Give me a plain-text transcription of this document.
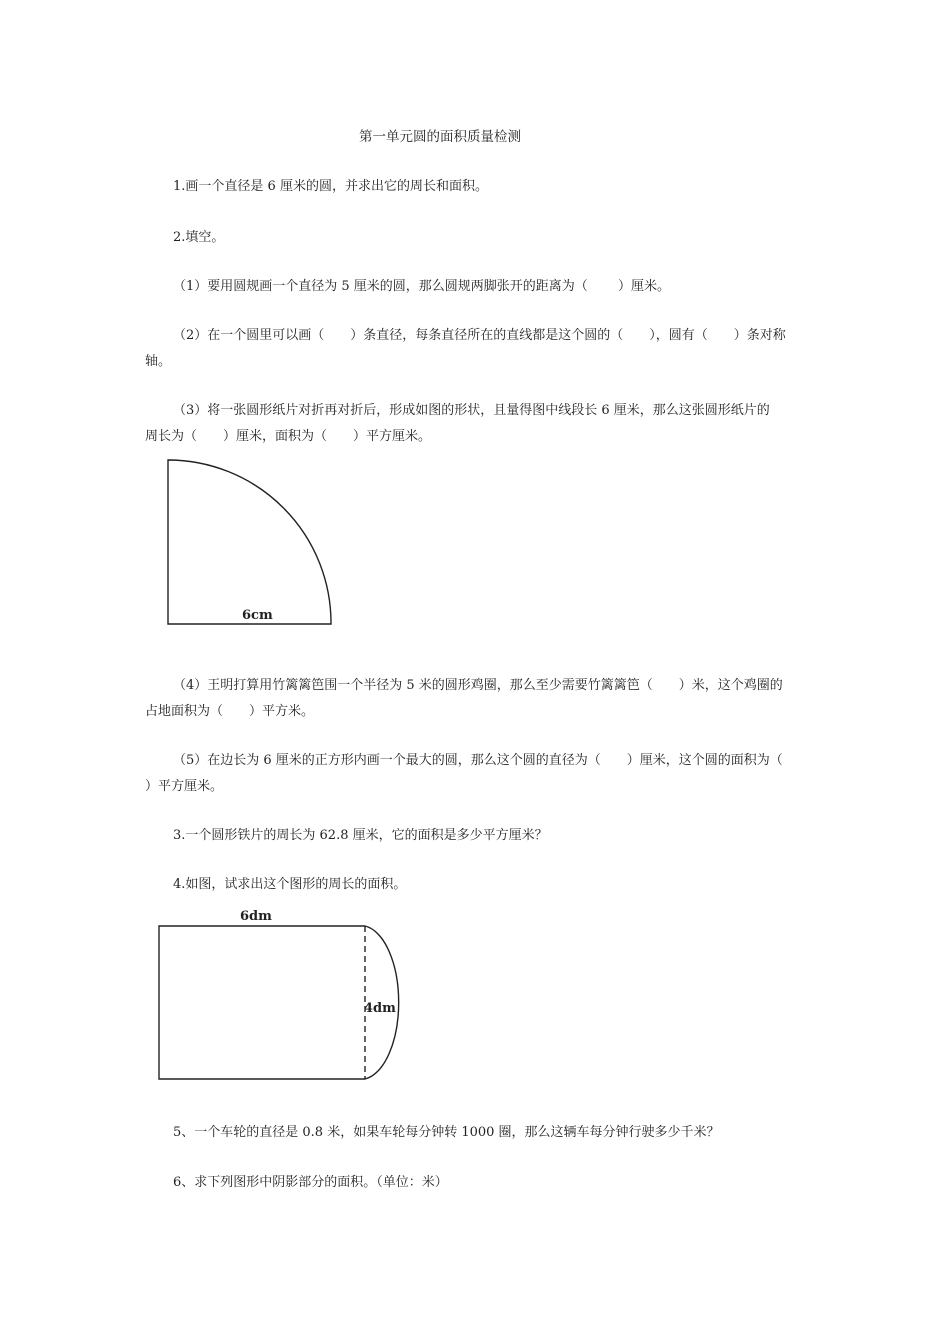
第一单元圆的面积质量检测
1.画一个直径是 6 厘米的圆，并求出它的周长和面积。
2.填空。
（1）要用圆规画一个直径为 5 厘米的圆，那么圆规两脚张开的距离为（　　 ）厘米。
（2）在一个圆里可以画（　　）条直径，每条直径所在的直线都是这个圆的（　　），圆有（　　）条对称
轴。
（3）将一张圆形纸片对折再对折后，形成如图的形状，且量得图中线段长 6 厘米，那么这张圆形纸片的
周长为（　　）厘米，面积为（　　）平方厘米。
6cm
（4）王明打算用竹篱篱笆围一个半径为 5 米的圆形鸡圈，那么至少需要竹篱篱笆（　　）米，这个鸡圈的
占地面积为（　　）平方米。
（5）在边长为 6 厘米的正方形内画一个最大的圆，那么这个圆的直径为（　　）厘米，这个圆的面积为（
）平方厘米。
3.一个圆形铁片的周长为 62.8 厘米，它的面积是多少平方厘米？
4.如图，试求出这个图形的周长的面积。
6dm
4dm
5、一个车轮的直径是 0.8 米，如果车轮每分钟转 1000 圈，那么这辆车每分钟行驶多少千米？
6、求下列图形中阴影部分的面积。（单位：米）
